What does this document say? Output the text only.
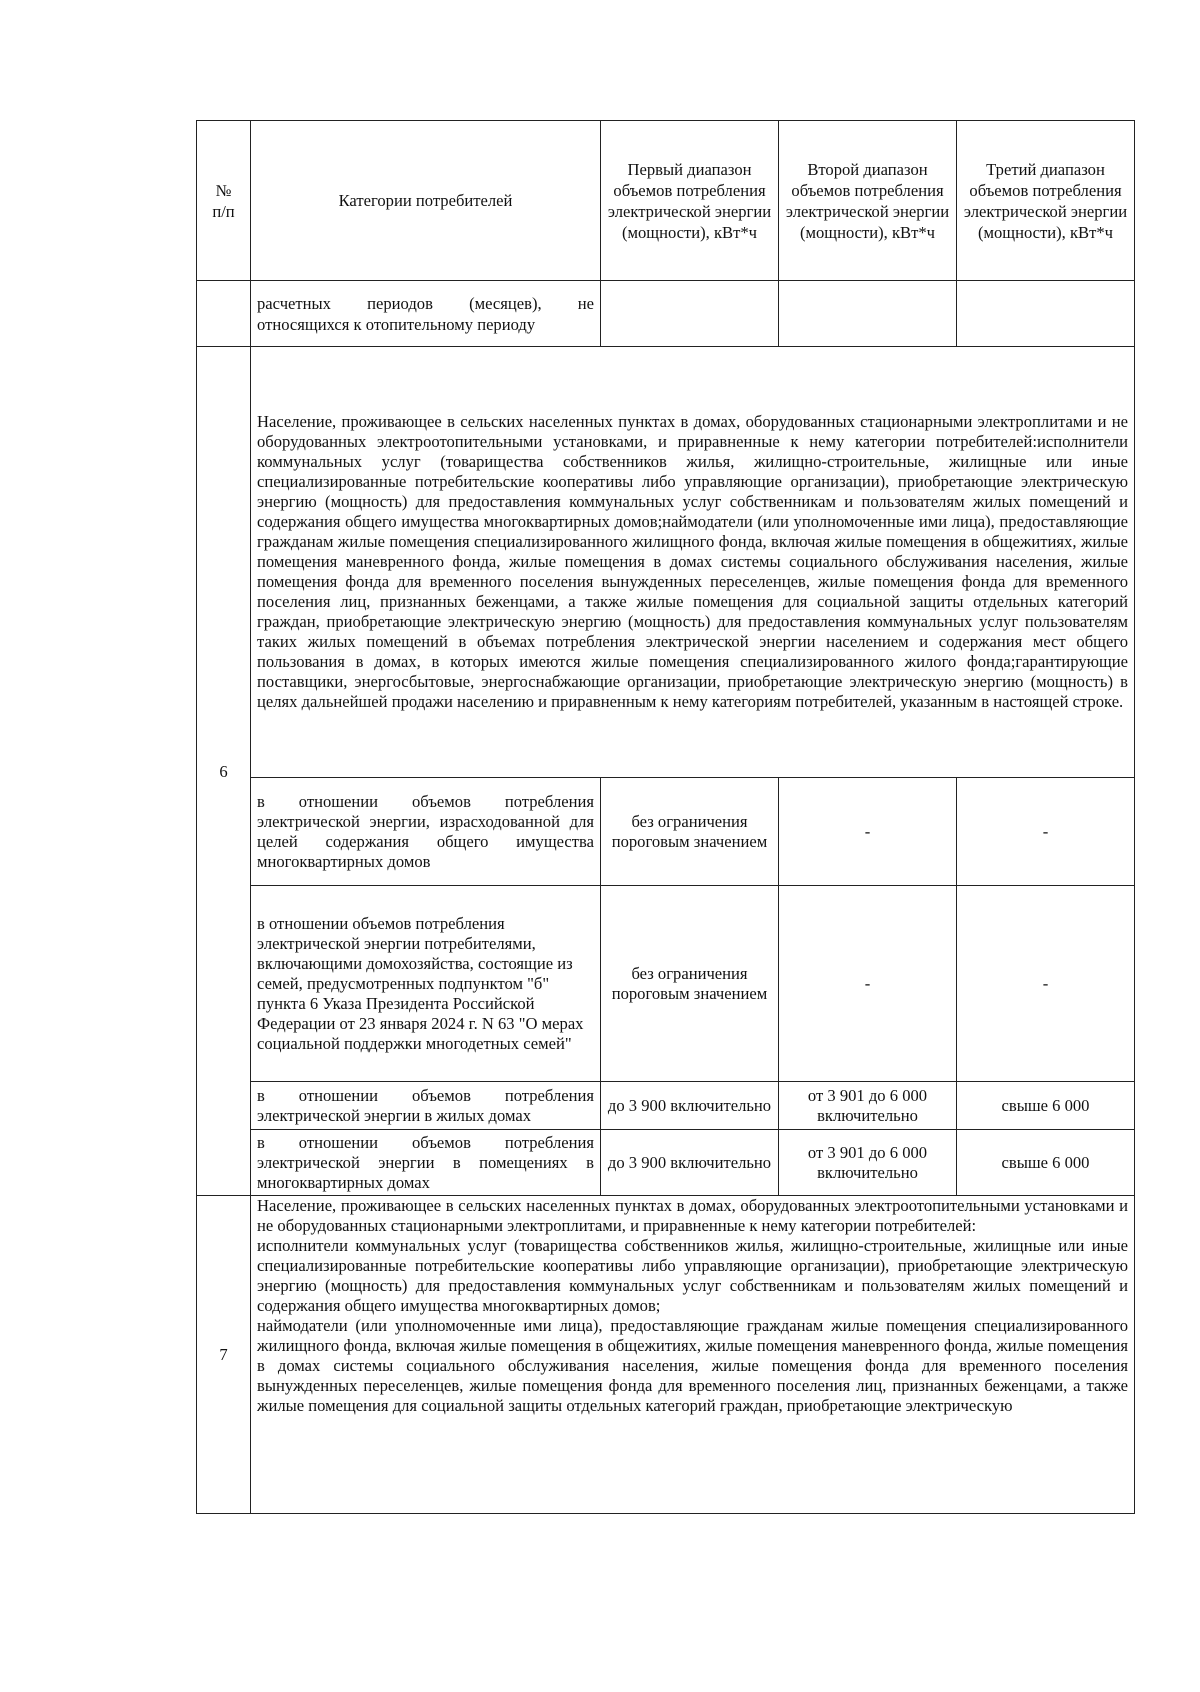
№
п/п	Категории потребителей	Первый диапазон объемов потребления электрической энергии (мощности), кВт*ч	Второй диапазон объемов потребления электрической энергии (мощности), кВт*ч	Третий диапазон объемов потребления электрической энергии (мощности), кВт*ч
	расчетных периодов (месяцев), не относящихся к отопительному периоду			
6	Население, проживающее в сельских населенных пунктах в домах, оборудованных стационарными электроплитами и не оборудованных электроотопительными установками, и приравненные к нему категории потребителей:исполнители коммунальных услуг (товарищества собственников жилья, жилищно-строительные, жилищные или иные специализированные потребительские кооперативы либо управляющие организации), приобретающие электрическую энергию (мощность) для предоставления коммунальных услуг собственникам и пользователям жилых помещений и содержания общего имущества многоквартирных домов;наймодатели (или уполномоченные ими лица), предоставляющие гражданам жилые помещения специализированного жилищного фонда, включая жилые помещения в общежитиях, жилые помещения маневренного фонда, жилые помещения в домах системы социального обслуживания населения, жилые помещения фонда для временного поселения вынужденных переселенцев, жилые помещения фонда для временного поселения лиц, признанных беженцами, а также жилые помещения для социальной защиты отдельных категорий граждан, приобретающие электрическую энергию (мощность) для предоставления коммунальных услуг пользователям таких жилых помещений в объемах потребления электрической энергии населением и содержания мест общего пользования в домах, в которых имеются жилые помещения специализированного жилого фонда;гарантирующие поставщики, энергосбытовые, энергоснабжающие организации, приобретающие электрическую энергию (мощность) в целях дальнейшей продажи населению и приравненным к нему категориям потребителей, указанным в настоящей строке.			
	в отношении объемов потребления электрической энергии, израсходованной для целей содержания общего имущества многоквартирных домов	без ограничения пороговым значением	-	-
	в отношении объемов потребления электрической энергии потребителями, включающими домохозяйства, состоящие из семей, предусмотренных подпунктом "б" пункта 6 Указа Президента Российской Федерации от 23 января 2024 г. N 63 "О мерах социальной поддержки многодетных семей"	без ограничения пороговым значением	-	-
	в отношении объемов потребления электрической энергии в жилых домах	до 3 900 включительно	от 3 901 до 6 000 включительно	свыше 6 000
	в отношении объемов потребления электрической энергии в помещениях в многоквартирных домах	до 3 900 включительно	от 3 901 до 6 000 включительно	свыше 6 000
7	Население, проживающее в сельских населенных пунктах в домах, оборудованных электроотопительными установками и не оборудованных стационарными электроплитами, и приравненные к нему категории потребителей:
исполнители коммунальных услуг (товарищества собственников жилья, жилищно-строительные, жилищные или иные специализированные потребительские кооперативы либо управляющие организации), приобретающие электрическую энергию (мощность) для предоставления коммунальных услуг собственникам и пользователям жилых помещений и содержания общего имущества многоквартирных домов;
наймодатели (или уполномоченные ими лица), предоставляющие гражданам жилые помещения специализированного жилищного фонда, включая жилые помещения в общежитиях, жилые помещения маневренного фонда, жилые помещения в домах системы социального обслуживания населения, жилые помещения фонда для временного поселения вынужденных переселенцев, жилые помещения фонда для временного поселения лиц, признанных беженцами, а также жилые помещения для социальной защиты отдельных категорий граждан, приобретающие электрическую			
